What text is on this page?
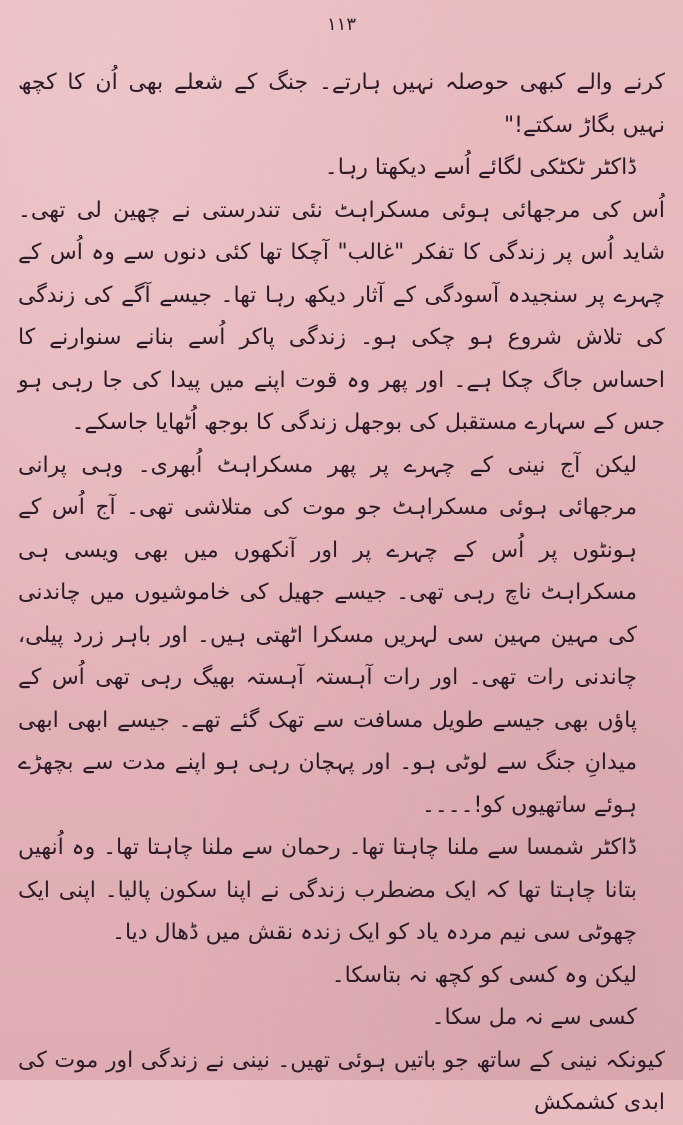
۱۱۳

کرنے والے کبھی حوصلہ نہیں ہارتے۔ جنگ کے شعلے بھی اُن کا کچھ نہیں بگاڑ سکتے!"

ڈاکٹر ٹکٹکی لگائے اُسے دیکھتا رہا۔

اُس کی مرجھائی ہوئی مسکراہٹ نئی تندرستی نے چھین لی تھی۔ شاید اُس پر زندگی کا تفکر "غالب" آچکا تھا کئی دنوں سے وہ اُس کے چہرے پر سنجیدہ آسودگی کے آثار دیکھ رہا تھا۔ جیسے آگے کی زندگی کی تلاش شروع ہو چکی ہو۔ زندگی پاکر اُسے بنانے سنوارنے کا احساس جاگ چکا ہے۔ اور پھر وہ قوت اپنے میں پیدا کی جا رہی ہو جس کے سہارے مستقبل کی بوجھل زندگی کا بوجھ اُٹھایا جاسکے۔

لیکن آج نینی کے چہرے پر پھر مسکراہٹ اُبھری۔ وہی پرانی مرجھائی ہوئی مسکراہٹ جو موت کی متلاشی تھی۔ آج اُس کے ہونٹوں پر اُس کے چہرے پر اور آنکھوں میں بھی ویسی ہی مسکراہٹ ناچ رہی تھی۔ جیسے جھیل کی خاموشیوں میں چاندنی کی مہین مہین سی لہریں مسکرا اٹھتی ہیں۔ اور باہر زرد پیلی، چاندنی رات تھی۔ اور رات آہستہ آہستہ بھیگ رہی تھی اُس کے پاؤں بھی جیسے طویل مسافت سے تھک گئے تھے۔ جیسے ابھی ابھی میدانِ جنگ سے لوٹی ہو۔ اور پہچان رہی ہو اپنے مدت سے بچھڑے ہوئے ساتھیوں کو!۔۔۔۔

ڈاکٹر شمسا سے ملنا چاہتا تھا۔ رحمان سے ملنا چاہتا تھا۔ وہ اُنھیں بتانا چاہتا تھا کہ ایک مضطرب زندگی نے اپنا سکون پالیا۔ اپنی ایک چھوٹی سی نیم مردہ یاد کو ایک زندہ نقش میں ڈھال دیا۔

لیکن وہ کسی کو کچھ نہ بتاسکا۔

کسی سے نہ مل سکا۔

کیونکہ نینی کے ساتھ جو باتیں ہوئی تھیں۔ نینی نے زندگی اور موت کی ابدی کشمکش
